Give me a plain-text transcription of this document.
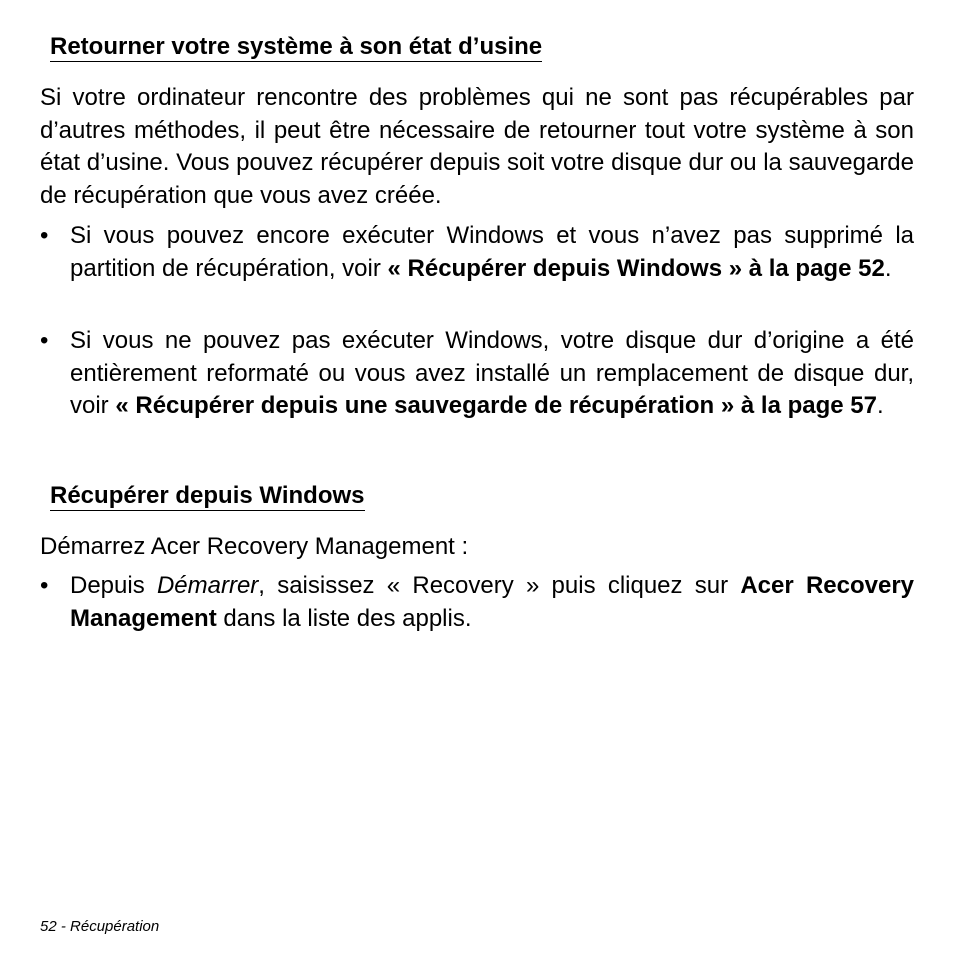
Retourner votre système à son état d’usine

Si votre ordinateur rencontre des problèmes qui ne sont pas récupérables par d’autres méthodes, il peut être nécessaire de retourner tout votre système à son état d’usine. Vous pouvez récupérer depuis soit votre disque dur ou la sauvegarde de récupération que vous avez créée.

• Si vous pouvez encore exécuter Windows et vous n’avez pas supprimé la partition de récupération, voir « Récupérer depuis Windows » à la page 52.
• Si vous ne pouvez pas exécuter Windows, votre disque dur d’origine a été entièrement reformaté ou vous avez installé un remplacement de disque dur, voir « Récupérer depuis une sauvegarde de récupération » à la page 57.
Récupérer depuis Windows

Démarrez Acer Recovery Management :

• Depuis Démarrer, saisissez « Recovery » puis cliquez sur Acer Recovery Management dans la liste des applis.
52 - Récupération
